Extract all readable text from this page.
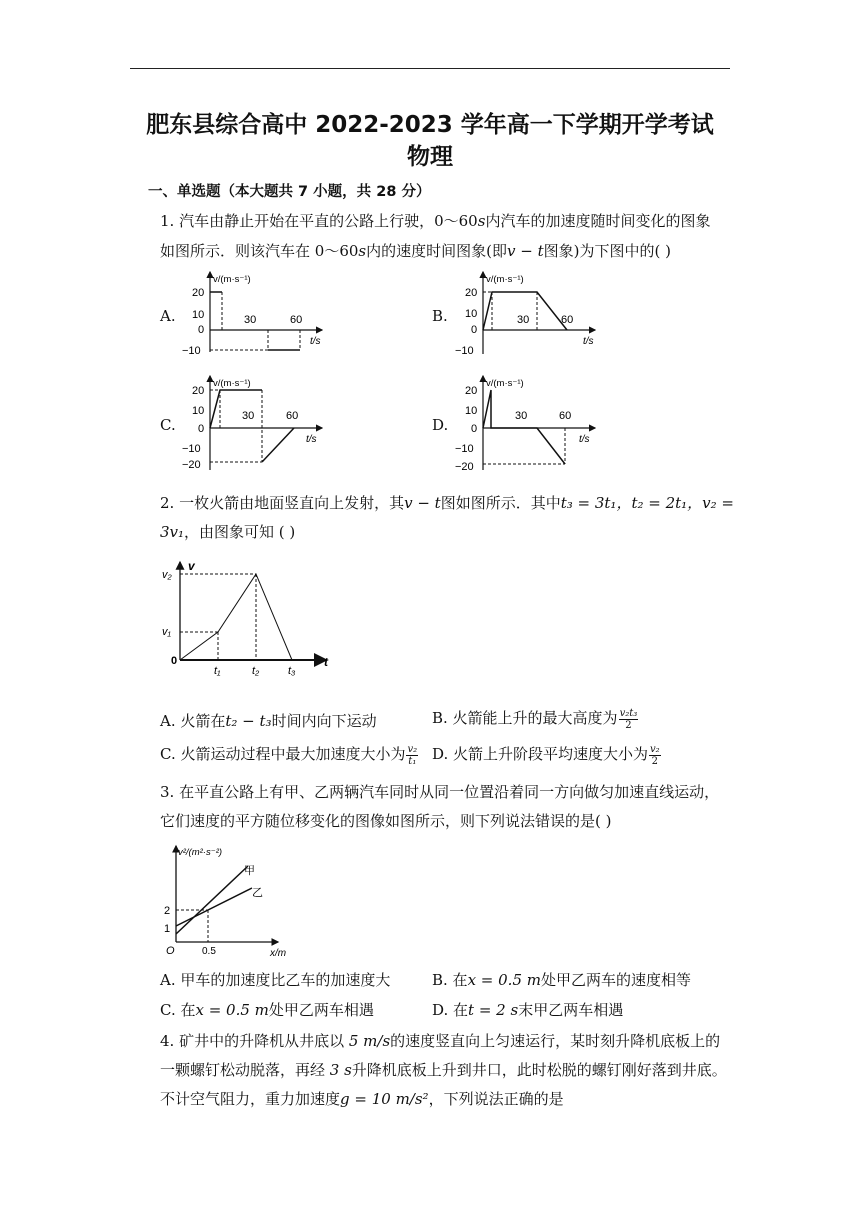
肥东县综合高中 2022-2023 学年高一下学期开学考试
物理
一、单选题（本大题共 7 小题，共 28 分）
1. 汽车由静止开始在平直的公路上行驶，0～60s内汽车的加速度随时间变化的图象
如图所示．则该汽车在 0～60s内的速度时间图象(即v − t图象)为下图中的( )
A.	B.
C.	D.
v/(m·s⁻¹)
20
10
0
−10
30	60
t/s
v/(m·s⁻¹)
20
10
0
−10
30	60
t/s
v/(m·s⁻¹)
20
10
0
−10
−20
30	60
t/s
v/(m·s⁻¹)
20
10
0
−10
−20
30	60
t/s
2. 一枚火箭由地面竖直向上发射，其v − t图如图所示．其中t₃ = 3t₁，t₂ = 2t₁，v₂ =
3v₁，由图象可知 ( )
v
v₂
v₁
0
t₁	t₂	t₃
t
A. 火箭在t₂ − t₃时间内向下运动	B. 火箭能上升的最大高度为 $\frac{\text{v₂t₃}}{2}$
C. 火箭运动过程中最大加速度大小为 $\frac{\text{v₂}}{\text{t₁}} D$. 火箭上升阶段平均速度大小为 $\frac{\text{v₂}}{2}$
3. 在平直公路上有甲、乙两辆汽车同时从同一位置沿着同一方向做匀加速直线运动，
它们速度的平方随位移变化的图像如图所示，则下列说法错误的是( )
v²/(m²·s⁻²)
甲
乙
2
1
O	0.5	x/m
A. 甲车的加速度比乙车的加速度大	B. 在x = 0.5 m处甲乙两车的速度相等
C. 在x = 0.5 m处甲乙两车相遇	D. 在t = 2 s末甲乙两车相遇
4. 矿井中的升降机从井底以 5 m/s的速度竖直向上匀速运行，某时刻升降机底板上的
一颗螺钉松动脱落，再经 3 s升降机底板上升到井口，此时松脱的螺钉刚好落到井底。
不计空气阻力，重力加速度g = 10 m/s²，下列说法正确的是
